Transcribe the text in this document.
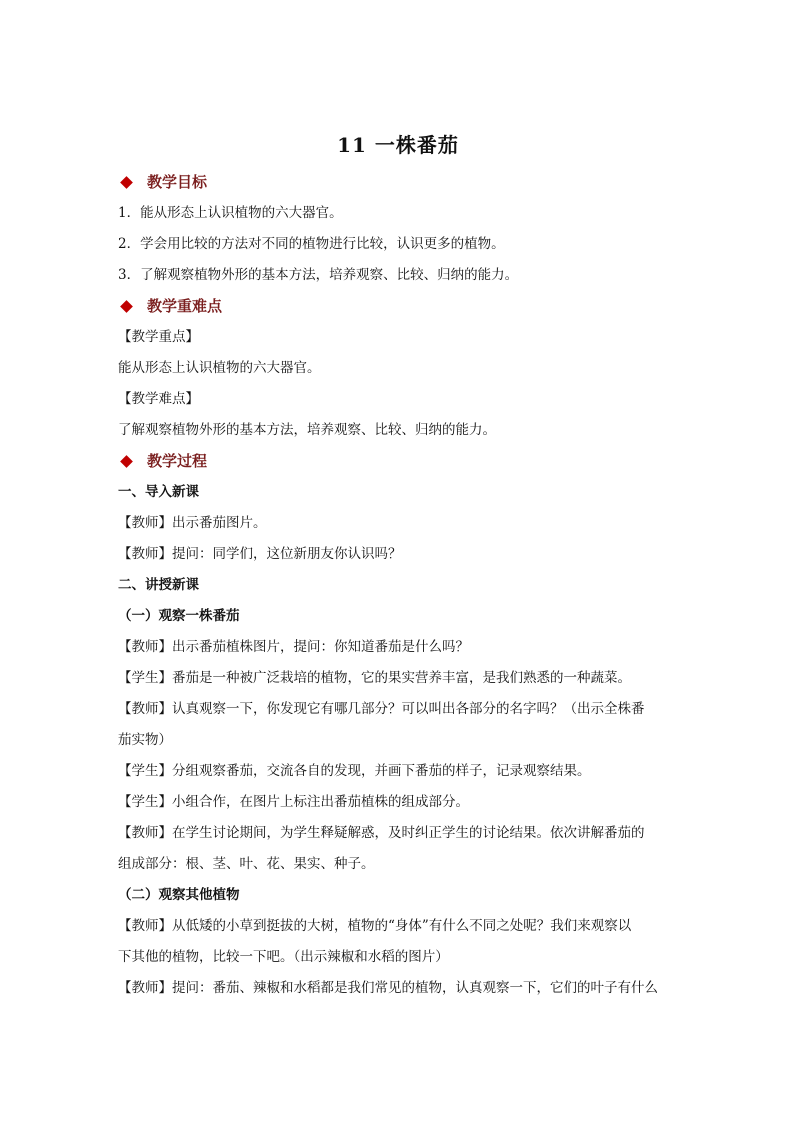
11 一株番茄
教学目标
1．能从形态上认识植物的六大器官。
2．学会用比较的方法对不同的植物进行比较，认识更多的植物。
3．了解观察植物外形的基本方法，培养观察、比较、归纳的能力。
教学重难点
【教学重点】
能从形态上认识植物的六大器官。
【教学难点】
了解观察植物外形的基本方法，培养观察、比较、归纳的能力。
教学过程
一、导入新课
【教师】出示番茄图片。
【教师】提问：同学们，这位新朋友你认识吗？
二、讲授新课
（一）观察一株番茄
【教师】出示番茄植株图片，提问：你知道番茄是什么吗？
【学生】番茄是一种被广泛栽培的植物，它的果实营养丰富，是我们熟悉的一种蔬菜。
【教师】认真观察一下，你发现它有哪几部分？可以叫出各部分的名字吗？（出示全株番
茄实物）
【学生】分组观察番茄，交流各自的发现，并画下番茄的样子，记录观察结果。
【学生】小组合作，在图片上标注出番茄植株的组成部分。
【教师】在学生讨论期间，为学生释疑解惑，及时纠正学生的讨论结果。依次讲解番茄的
组成部分：根、茎、叶、花、果实、种子。
（二）观察其他植物
【教师】从低矮的小草到挺拔的大树，植物的“身体”有什么不同之处呢？我们来观察以
下其他的植物，比较一下吧。（出示辣椒和水稻的图片）
【教师】提问：番茄、辣椒和水稻都是我们常见的植物，认真观察一下，它们的叶子有什么
